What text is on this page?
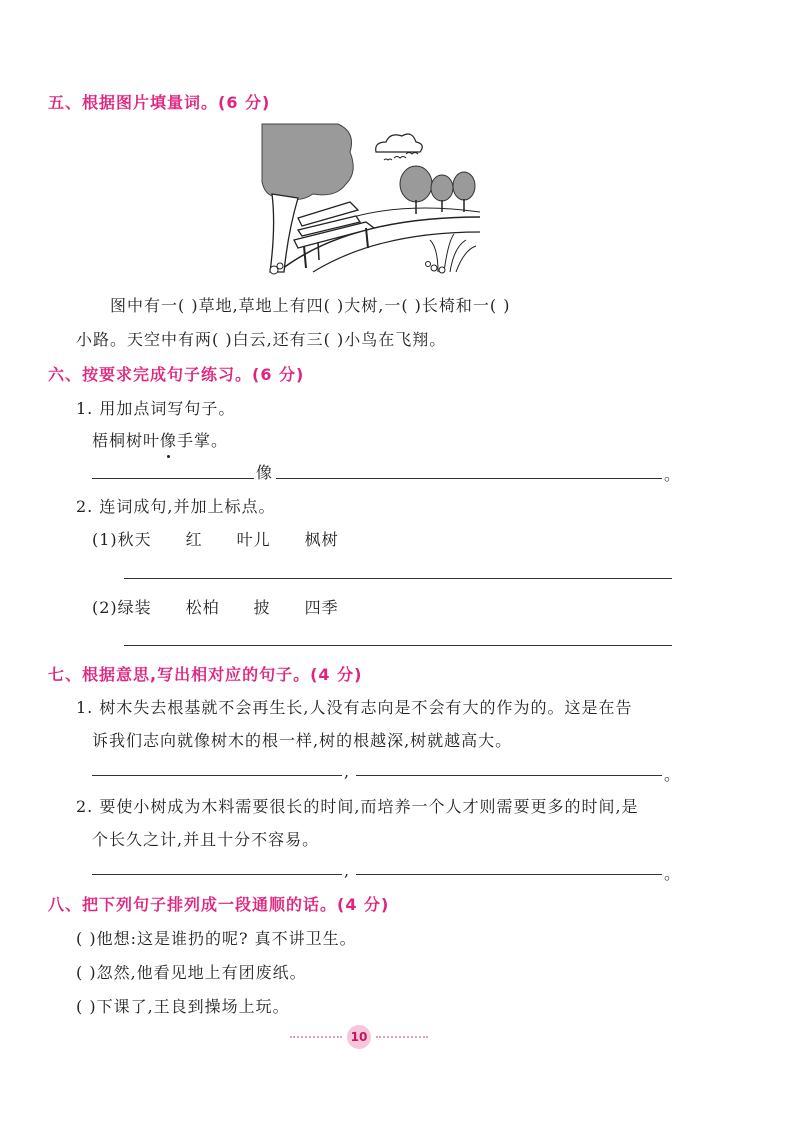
五、根据图片填量词。(6 分)
图中有一( )草地,草地上有四( )大树,一( )长椅和一( )
小路。天空中有两( )白云,还有三( )小鸟在飞翔。
六、按要求完成句子练习。(6 分)
1. 用加点词写句子。
梧桐树叶像手掌。
像	。
2. 连词成句,并加上标点。
(1)秋天　　红　　叶儿　　枫树
(2)绿装　　松柏　　披　　四季
七、根据意思,写出相对应的句子。(4 分)
1. 树木失去根基就不会再生长,人没有志向是不会有大的作为的。这是在告
诉我们志向就像树木的根一样,树的根越深,树就越高大。
,	。
2. 要使小树成为木料需要很长的时间,而培养一个人才则需要更多的时间,是
个长久之计,并且十分不容易。
,	。
八、把下列句子排列成一段通顺的话。(4 分)
( )他想:这是谁扔的呢? 真不讲卫生。
( )忽然,他看见地上有团废纸。
( )下课了,王良到操场上玩。
10
